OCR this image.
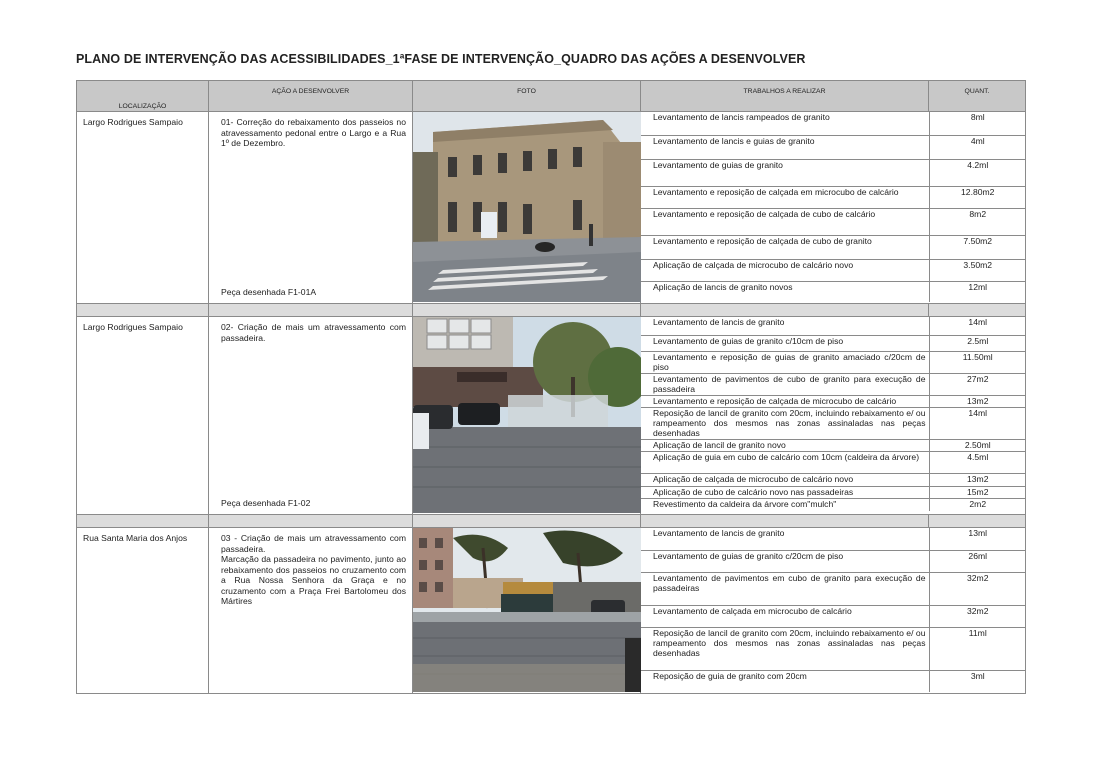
PLANO DE INTERVENÇÃO DAS ACESSIBILIDADES_1ªFASE DE INTERVENÇÃO_QUADRO DAS AÇÕES A DESENVOLVER
LOCALIZAÇÃO	AÇÃO A DESENVOLVER	FOTO	TRABALHOS A REALIZAR	QUANT.
Largo Rodrigues Sampaio	01- Correção do rebaixamento dos passeios no atravessamento pedonal entre o Largo e a Rua 1º de Dezembro.
Peça desenhada F1-01A

Levantamento de lancis rampeados de granito	8ml
Levantamento de lancis e guias de granito	4ml
Levantamento de guias de granito	4.2ml
Levantamento e reposição de calçada em microcubo de calcário	12.80m2
Levantamento e reposição de calçada de cubo de calcário	8m2
Levantamento e reposição de calçada de cubo de granito	7.50m2
Aplicação de calçada de microcubo de calcário novo	3.50m2
Aplicação de lancis de granito novos	12ml

Largo Rodrigues Sampaio	02- Criação de mais um atravessamento com passadeira.
Peça desenhada F1-02

Levantamento de lancis de granito	14ml
Levantamento de guias de granito c/10cm de piso	2.5ml
Levantamento e reposição de guias de granito amaciado c/20cm de piso	11.50ml
Levantamento de pavimentos de cubo de granito para execução de passadeira	27m2
Levantamento e reposição de calçada de microcubo de calcário	13m2
Reposição de lancil de granito com 20cm, incluindo rebaixamento e/ ou rampeamento dos mesmos nas zonas assinaladas nas peças desenhadas	14ml
Aplicação de lancil de granito novo	2.50ml
Aplicação de guia em cubo de calcário com 10cm (caldeira da árvore)	4.5ml
Aplicação de calçada de microcubo de calcário novo	13m2
Aplicação de cubo de calcário novo nas passadeiras	15m2
Revestimento da caldeira da árvore com"mulch"	2m2

Rua Santa Maria dos Anjos	03 - Criação de mais um atravessamento com passadeira.
Marcação da passadeira no pavimento, junto ao rebaixamento dos passeios no cruzamento com a Rua Nossa Senhora da Graça e no cruzamento com a Praça Frei Bartolomeu dos Mártires

Levantamento de lancis de granito	13ml
Levantamento de guias de granito c/20cm de piso	26ml
Levantamento de pavimentos em cubo de granito para execução de passadeiras	32m2
Levantamento de calçada em microcubo de calcário	32m2
Reposição de lancil de granito com 20cm, incluindo rebaixamento e/ ou rampeamento dos mesmos nas zonas assinaladas nas peças desenhadas	11ml
Reposição de guia de granito com 20cm	3ml
